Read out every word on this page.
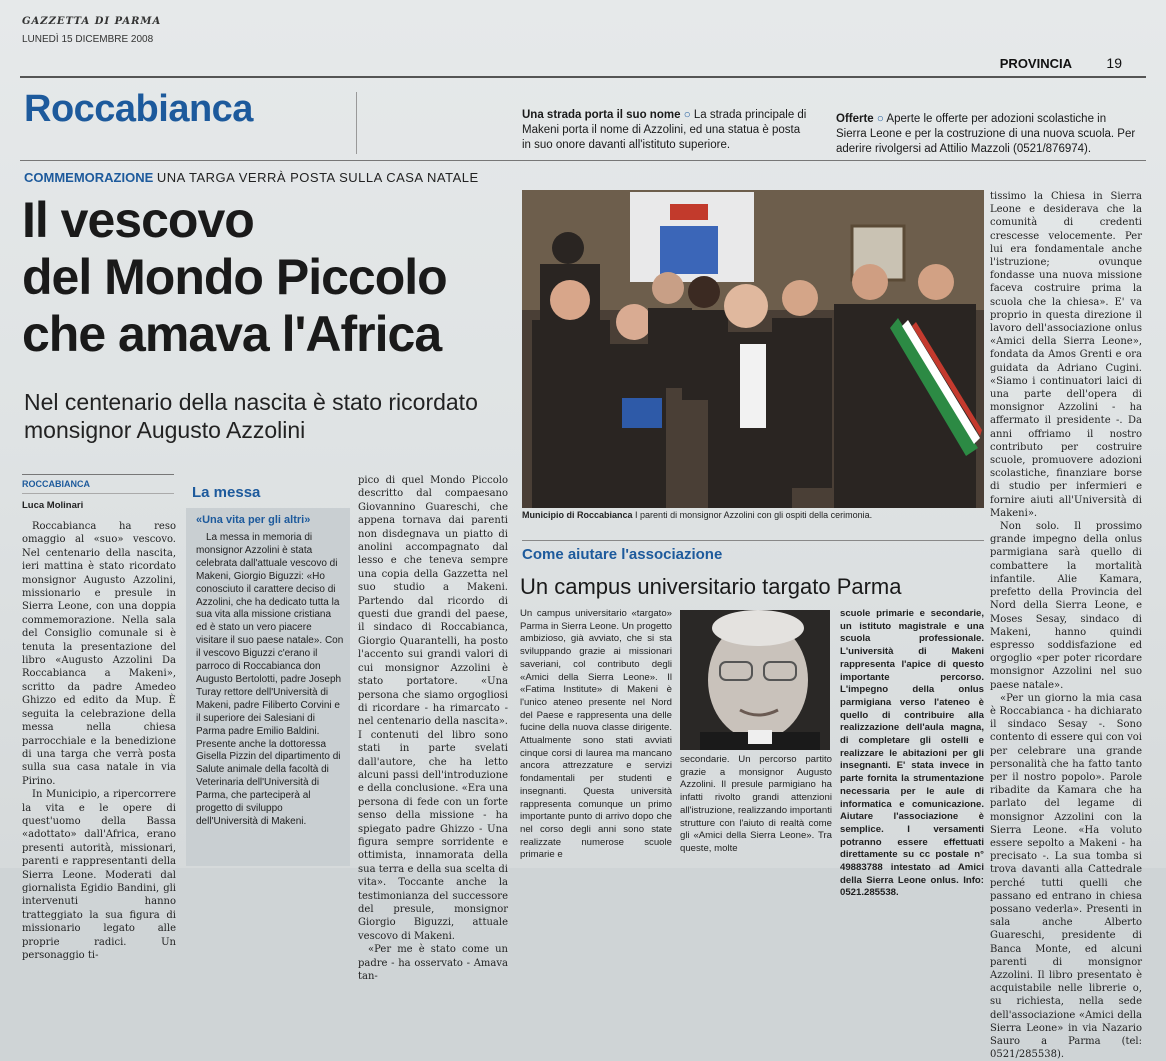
GAZZETTA DI PARMA
LUNEDÌ 15 DICEMBRE 2008
PROVINCIA 19
Roccabianca	Una strada porta il suo nome ○ La strada principale di Makeni porta il nome di Azzolini, ed una statua è posta in suo onore davanti all'istituto superiore.
Offerte ○ Aperte le offerte per adozioni scolastiche in Sierra Leone e per la costruzione di una nuova scuola. Per aderire rivolgersi ad Attilio Mazzoli (0521/876974).
COMMEMORAZIONE UNA TARGA VERRÀ POSTA SULLA CASA NATALE
Il vescovo
del Mondo Piccolo
che amava l'Africa
Nel centenario della nascita è stato ricordato monsignor Augusto Azzolini
ROCCABIANCA
Luca Molinari

Roccabianca ha reso omaggio al «suo» vescovo. Nel centenario della nascita, ieri mattina è stato ricordato monsignor Augusto Azzolini, missionario e presule in Sierra Leone, con una doppia commemorazione. Nella sala del Consiglio comunale si è tenuta la presentazione del libro «Augusto Azzolini Da Roccabianca a Makeni», scritto da padre Amedeo Ghizzo ed edito da Mup. È seguita la celebrazione della messa nella chiesa parrocchiale e la benedizione di una targa che verrà posta sulla sua casa natale in via Pirino.

In Municipio, a ripercorrere la vita e le opere di quest'uomo della Bassa «adottato» dall'Africa, erano presenti autorità, missionari, parenti e rappresentanti della Sierra Leone. Moderati dal giornalista Egidio Bandini, gli intervenuti hanno tratteggiato la sua figura di missionario legato alle proprie radici. Un personaggio ti-

La messa
«Una vita per gli altri»

La messa in memoria di monsignor Azzolini è stata celebrata dall'attuale vescovo di Makeni, Giorgio Biguzzi: «Ho conosciuto il carattere deciso di Azzolini, che ha dedicato tutta la sua vita alla missione cristiana ed è stato un vero piacere visitare il suo paese natale». Con il vescovo Biguzzi c'erano il parroco di Roccabianca don Augusto Bertolotti, padre Joseph Turay rettore dell'Università di Makeni, padre Filiberto Corvini e il superiore dei Salesiani di Parma padre Emilio Baldini. Presente anche la dottoressa Gisella Pizzin del dipartimento di Salute animale della facoltà di Veterinaria dell'Università di Parma, che parteciperà al progetto di sviluppo dell'Università di Makeni.

pico di quel Mondo Piccolo descritto dal compaesano Giovannino Guareschi, che appena tornava dai parenti non disdegnava un piatto di anolini accompagnato dal lesso e che teneva sempre una copia della Gazzetta nel suo studio a Makeni. Partendo dal ricordo di questi due grandi del paese, il sindaco di Roccabianca, Giorgio Quarantelli, ha posto l'accento sui grandi valori di cui monsignor Azzolini è stato portatore. «Una persona che siamo orgogliosi di ricordare - ha rimarcato - nel centenario della nascita». I contenuti del libro sono stati in parte svelati dall'autore, che ha letto alcuni passi dell'introduzione e della conclusione. «Era una persona di fede con un forte senso della missione - ha spiegato padre Ghizzo - Una figura sempre sorridente e ottimista, innamorata della sua terra e della sua scelta di vita». Toccante anche la testimonianza del successore del presule, monsignor Giorgio Biguzzi, attuale vescovo di Makeni.

«Per me è stato come un padre - ha osservato - Amava tan-

Municipio di Roccabianca I parenti di monsignor Azzolini con gli ospiti della cerimonia.

tissimo la Chiesa in Sierra Leone e desiderava che la comunità di credenti crescesse velocemente. Per lui era fondamentale anche l'istruzione; ovunque fondasse una nuova missione faceva costruire prima la scuola che la chiesa». E' va proprio in questa direzione il lavoro dell'associazione onlus «Amici della Sierra Leone», fondata da Amos Grenti e ora guidata da Adriano Cugini. «Siamo i continuatori laici di una parte dell'opera di monsignor Azzolini - ha affermato il presidente -. Da anni offriamo il nostro contributo per costruire scuole, promuovere adozioni scolastiche, finanziare borse di studio per infermieri e fornire aiuti all'Università di Makeni».

Non solo. Il prossimo grande impegno della onlus parmigiana sarà quello di combattere la mortalità infantile. Alie Kamara, prefetto della Provincia del Nord della Sierra Leone, e Moses Sesay, sindaco di Makeni, hanno quindi espresso soddisfazione ed orgoglio «per poter ricordare monsignor Azzolini nel suo paese natale».

«Per un giorno la mia casa è Roccabianca - ha dichiarato il sindaco Sesay -. Sono contento di essere qui con voi per celebrare una grande personalità che ha fatto tanto per il nostro popolo». Parole ribadite da Kamara che ha parlato del legame di monsignor Azzolini con la Sierra Leone. «Ha voluto essere sepolto a Makeni - ha precisato -. La sua tomba si trova davanti alla Cattedrale perché tutti quelli che passano ed entrano in chiesa possano vederla». Presenti in sala anche Alberto Guareschi, presidente di Banca Monte, ed alcuni parenti di monsignor Azzolini. Il libro presentato è acquistabile nelle librerie o, su richiesta, nella sede dell'associazione «Amici della Sierra Leone» in via Nazario Sauro a Parma (tel: 0521/285538).

Come aiutare l'associazione
Un campus universitario targato Parma

Un campus universitario «targato» Parma in Sierra Leone. Un progetto ambizioso, già avviato, che si sta sviluppando grazie ai missionari saveriani, col contributo degli «Amici della Sierra Leone». Il «Fatima Institute» di Makeni è l'unico ateneo presente nel Nord del Paese e rappresenta una delle fucine della nuova classe dirigente. Attualmente sono stati avviati cinque corsi di laurea ma mancano ancora attrezzature e servizi fondamentali per studenti e insegnanti. Questa università rappresenta comunque un primo importante punto di arrivo dopo che nel corso degli anni sono state realizzate numerose scuole primarie e

secondarie. Un percorso partito grazie a monsignor Augusto Azzolini. Il presule parmigiano ha infatti rivolto grandi attenzioni all'istruzione, realizzando importanti strutture con l'aiuto di realtà come gli «Amici della Sierra Leone». Tra queste, molte

scuole primarie e secondarie, un istituto magistrale e una scuola professionale. L'università di Makeni rappresenta l'apice di questo importante percorso. L'impegno della onlus parmigiana verso l'ateneo è quello di contribuire alla realizzazione dell'aula magna, di completare gli ostelli e realizzare le abitazioni per gli insegnanti. E' stata invece in parte fornita la strumentazione necessaria per le aule di informatica e comunicazione. Aiutare l'associazione è semplice. I versamenti potranno essere effettuati direttamente su cc postale n° 49883788 intestato ad Amici della Sierra Leone onlus. Info: 0521.285538.
